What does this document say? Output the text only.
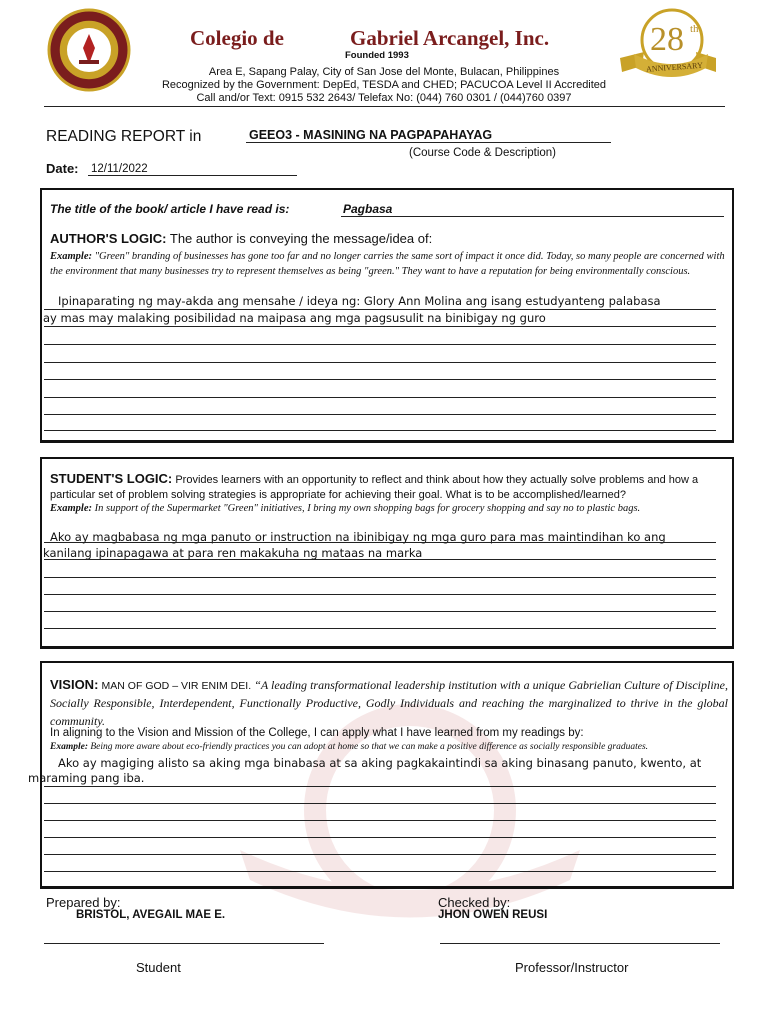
Colegio de	Gabriel Arcangel, Inc.
Founded 1993	28 th
ANNIVERSARY
Area E, Sapang Palay, City of San Jose del Monte, Bulacan, Philippines
Recognized by the Government: DepEd, TESDA and CHED; PACUCOA Level II Accredited
Call and/or Text: 0915 532 2643/ Telefax No: (044) 760 0301 / (044)760 0397
READING REPORT in	GEEO3 - MASINING NA PAGPAPAHAYAG
(Course Code & Description)
Date: 12/11/2022
The title of the book/ article I have read is:	Pagbasa
AUTHOR'S LOGIC: The author is conveying the message/idea of:
Example: "Green" branding of businesses has gone too far and no longer carries the same sort of impact it once did. Today, so many people are concerned with the environment that many businesses try to represent themselves as being "green." They want to have a reputation for being environmentally conscious.
Ipinaparating ng may-akda ang mensahe / ideya ng: Glory Ann Molina ang isang estudyanteng palabasa
ay mas may malaking posibilidad na maipasa ang mga pagsusulit na binibigay ng guro
STUDENT'S LOGIC: Provides learners with an opportunity to reflect and think about how they actually solve problems and how a particular set of problem solving strategies is appropriate for achieving their goal. What is to be accomplished/learned?
Example: In support of the Supermarket "Green" initiatives, I bring my own shopping bags for grocery shopping and say no to plastic bags.
Ako ay magbabasa ng mga panuto or instruction na ibinibigay ng mga guro para mas maintindihan ko ang
kanilang ipinapagawa at para ren makakuha ng mataas na marka
VISION: MAN OF GOD – VIR ENIM DEI. “A leading transformational leadership institution with a unique Gabrielian Culture of Discipline, Socially Responsible, Interdependent, Functionally Productive, Godly Individuals and reaching the marginalized to thrive in the global community.
In aligning to the Vision and Mission of the College, I can apply what I have learned from my readings by:
Example: Being more aware about eco-friendly practices you can adopt at home so that we can make a positive difference as socially responsible graduates.
Ako ay magiging alisto sa aking mga binabasa at sa aking pagkakaintindi sa aking binasang panuto, kwento, at
maraming pang iba.
Prepared by:
BRISTOL, AVEGAIL MAE E.
Student
Checked by:
JHON OWEN REUSI
Professor/Instructor
